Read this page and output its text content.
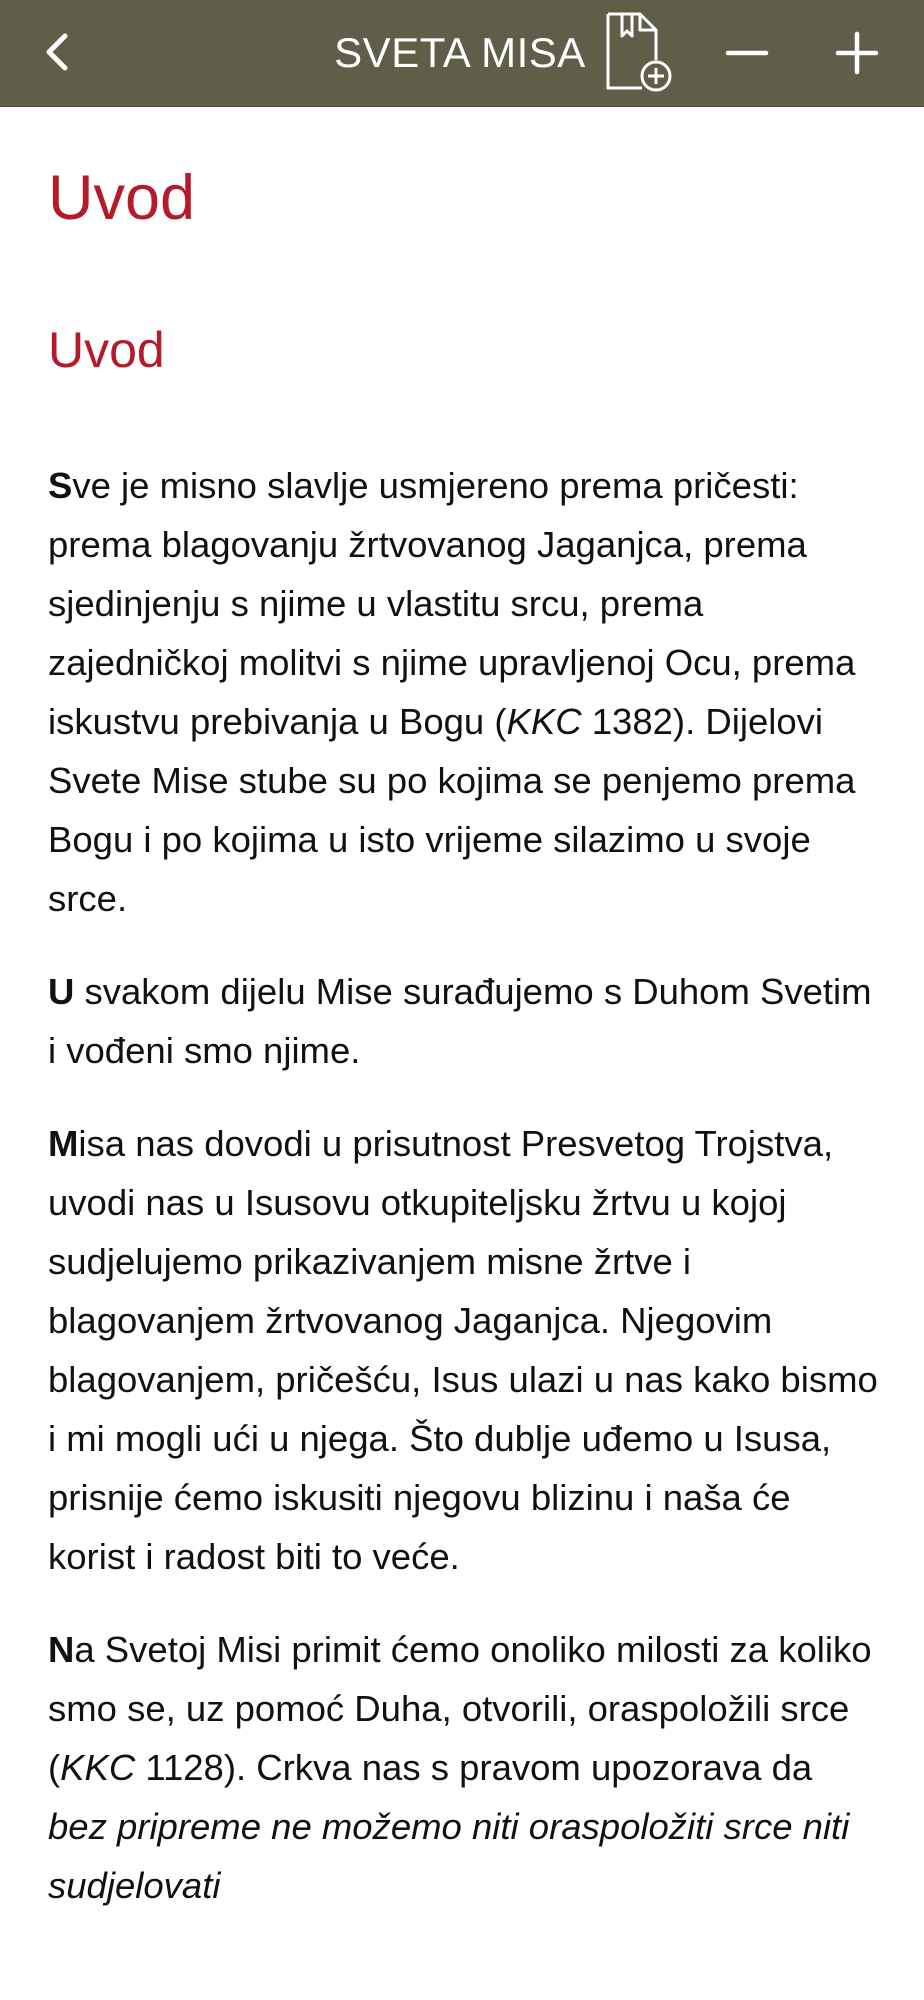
SVETA MISA
Uvod
Uvod

Sve je misno slavlje usmjereno prema pričesti: prema blagovanju žrtvovanog Jaganjca, prema sjedinjenju s njime u vlastitu srcu, prema zajedničkoj molitvi s njime upravljenoj Ocu, prema iskustvu prebivanja u Bogu (KKC 1382). Dijelovi Svete Mise stube su po kojima se penjemo prema Bogu i po kojima u isto vrijeme silazimo u svoje srce.

U svakom dijelu Mise surađujemo s Duhom Svetim i vođeni smo njime.

Misa nas dovodi u prisutnost Presvetog Trojstva, uvodi nas u Isusovu otkupiteljsku žrtvu u kojoj sudjelujemo prikazivanjem misne žrtve i blagovanjem žrtvovanog Jaganjca. Njegovim blagovanjem, pričešću, Isus ulazi u nas kako bismo i mi mogli ući u njega. Što dublje uđemo u Isusa, prisnije ćemo iskusiti njegovu blizinu i naša će korist i radost biti to veće.

Na Svetoj Misi primit ćemo onoliko milosti za koliko smo se, uz pomoć Duha, otvorili, oraspoložili srce (KKC 1128). Crkva nas s pravom upozorava da bez pripreme ne možemo niti oraspoložiti srce niti sudjelovati
